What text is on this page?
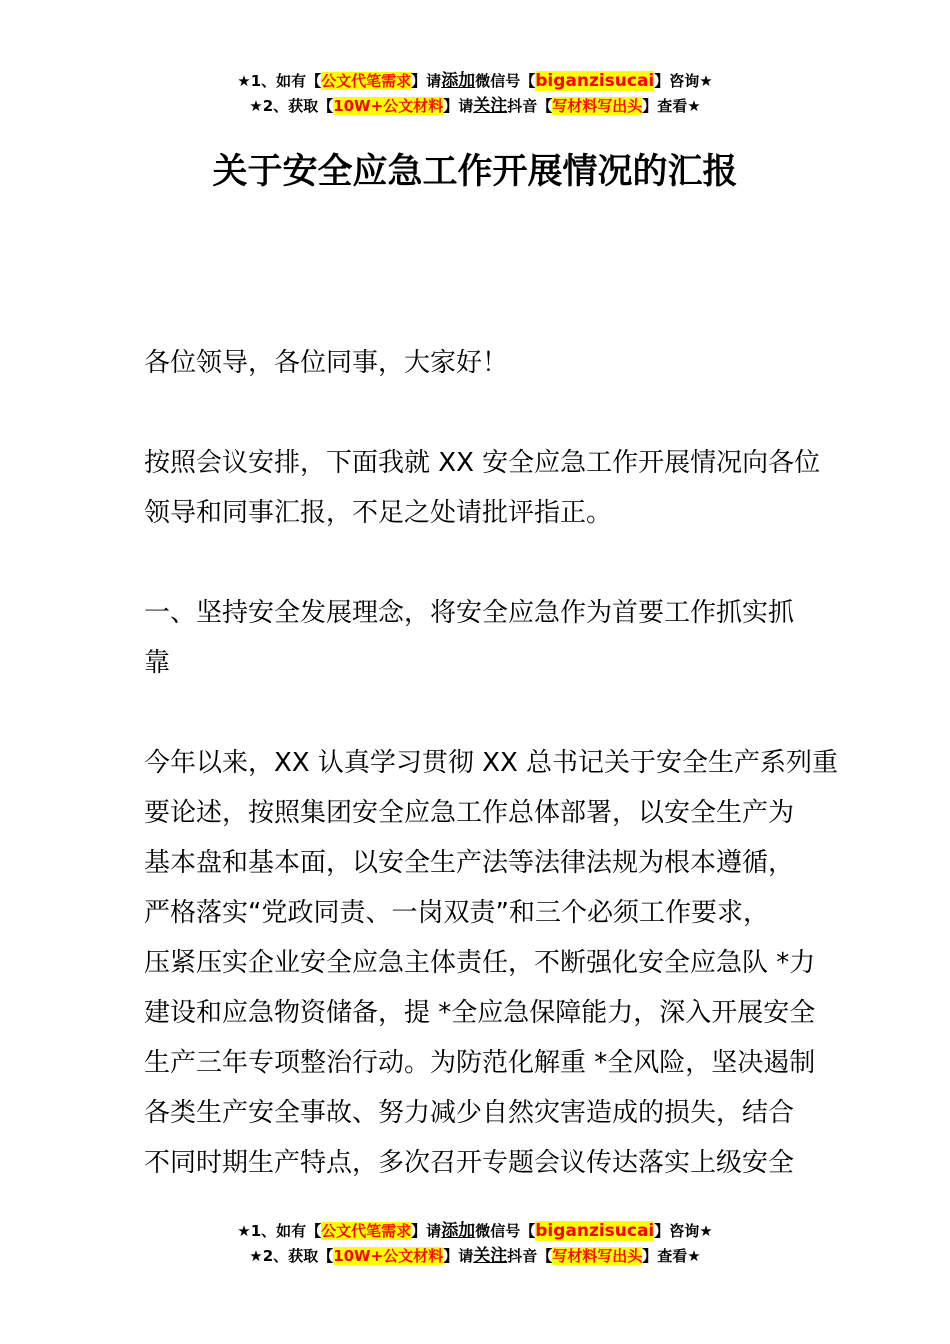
★1、如有【公文代笔需求】请添加微信号【biganzisucai】咨询★
★2、获取【10W+公文材料】请关注抖音【写材料写出头】查看★
关于安全应急工作开展情况的汇报

各位领导，各位同事，大家好！

按照会议安排，下面我就 XX 安全应急工作开展情况向各位
领导和同事汇报，不足之处请批评指正。
一、坚持安全发展理念，将安全应急作为首要工作抓实抓
靠
今年以来，XX 认真学习贯彻 XX 总书记关于安全生产系列重
要论述，按照集团安全应急工作总体部署，以安全生产为
基本盘和基本面，以安全生产法等法律法规为根本遵循，
严格落实“党政同责、一岗双责”和三个必须工作要求，
压紧压实企业安全应急主体责任，不断强化安全应急队 *力
建设和应急物资储备，提 *全应急保障能力，深入开展安全
生产三年专项整治行动。为防范化解重 *全风险，坚决遏制
各类生产安全事故、努力减少自然灾害造成的损失，结合
不同时期生产特点，多次召开专题会议传达落实上级安全
★1、如有【公文代笔需求】请添加微信号【biganzisucai】咨询★
★2、获取【10W+公文材料】请关注抖音【写材料写出头】查看★
